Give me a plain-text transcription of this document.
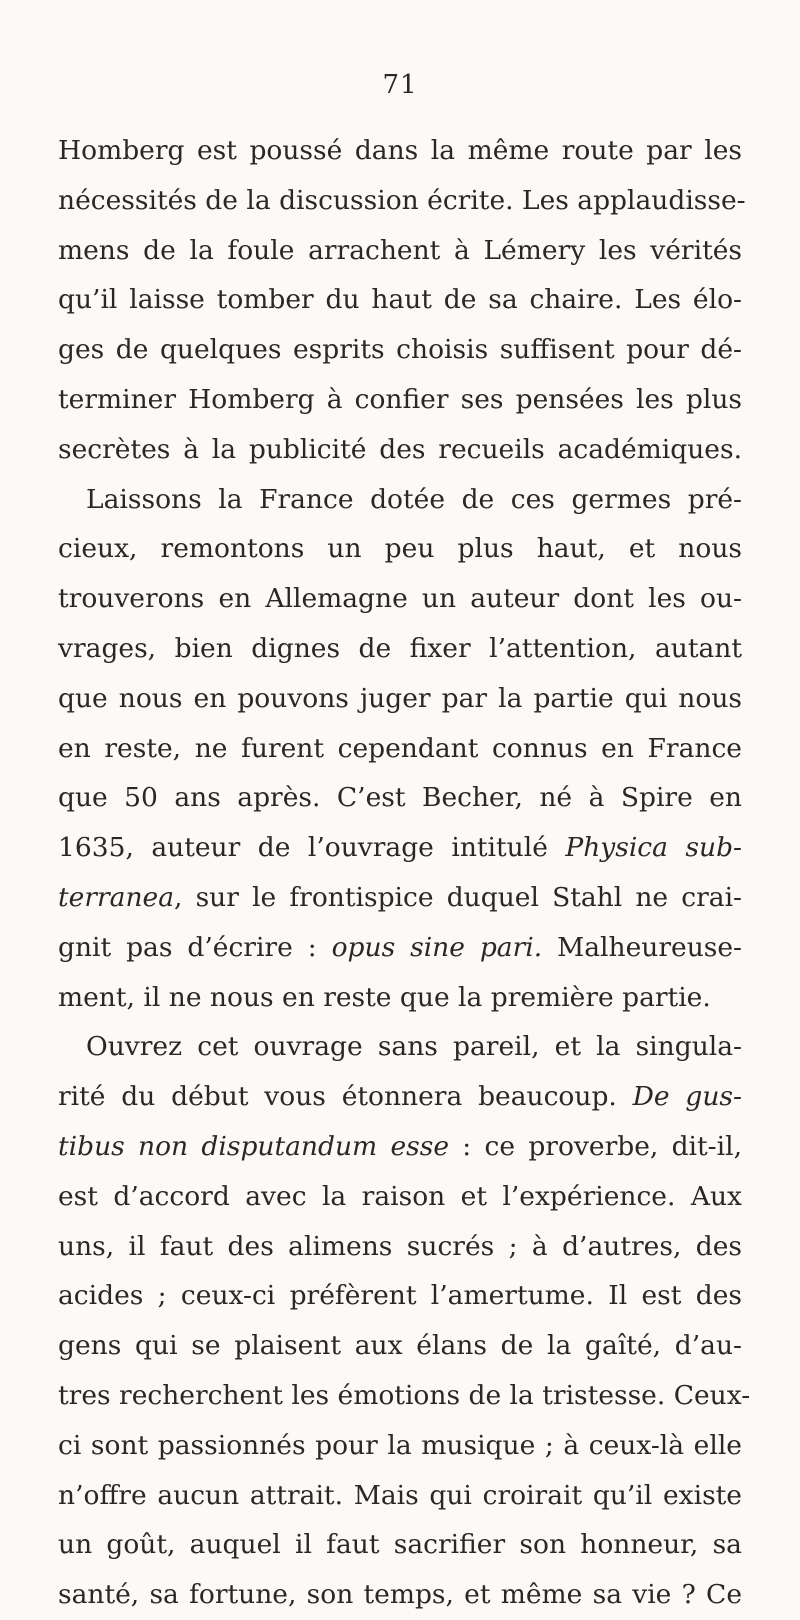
71
Homberg est poussé dans la même route par les
nécessités de la discussion écrite. Les applaudisse-
mens de la foule arrachent à Lémery les vérités
qu’il laisse tomber du haut de sa chaire. Les élo-
ges de quelques esprits choisis suffisent pour dé-
terminer Homberg à confier ses pensées les plus
secrètes à la publicité des recueils académiques.
Laissons la France dotée de ces germes pré-
cieux, remontons un peu plus haut, et nous
trouverons en Allemagne un auteur dont les ou-
vrages, bien dignes de fixer l’attention, autant
que nous en pouvons juger par la partie qui nous
en reste, ne furent cependant connus en France
que 50 ans après. C’est Becher, né à Spire en
1635, auteur de l’ouvrage intitulé Physica sub-
terranea, sur le frontispice duquel Stahl ne crai-
gnit pas d’écrire : opus sine pari. Malheureuse-
ment, il ne nous en reste que la première partie.
Ouvrez cet ouvrage sans pareil, et la singula-
rité du début vous étonnera beaucoup. De gus-
tibus non disputandum esse : ce proverbe, dit-il,
est d’accord avec la raison et l’expérience. Aux
uns, il faut des alimens sucrés ; à d’autres, des
acides ; ceux-ci préfèrent l’amertume. Il est des
gens qui se plaisent aux élans de la gaîté, d’au-
tres recherchent les émotions de la tristesse. Ceux-
ci sont passionnés pour la musique ; à ceux-là elle
n’offre aucun attrait. Mais qui croirait qu’il existe
un goût, auquel il faut sacrifier son honneur, sa
santé, sa fortune, son temps, et même sa vie ? Ce
